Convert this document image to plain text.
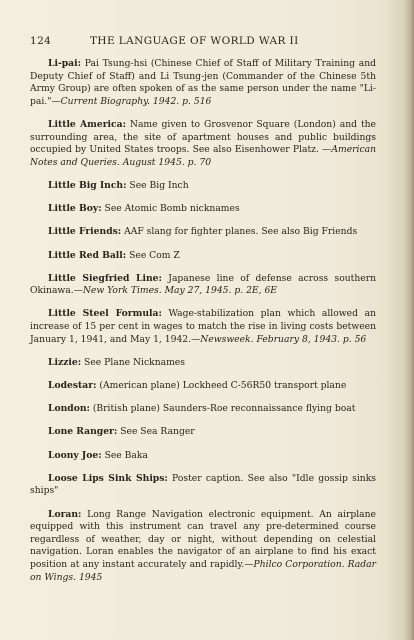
124	THE LANGUAGE OF WORLD WAR II

Li-pai: Pai Tsung-hsi (Chinese Chief of Staff of Military Training and Deputy Chief of Staff) and Li Tsung-jen (Commander of the Chinese 5th Army Group) are often spoken of as the same person under the name "Li-pai."—Current Biography. 1942. p. 516

Little America: Name given to Grosvenor Square (London) and the surrounding area, the site of apartment houses and public buildings occupied by United States troops. See also Eisenhower Platz. —American Notes and Queries. August 1945. p. 70

Little Big Inch: See Big Inch

Little Boy: See Atomic Bomb nicknames

Little Friends: AAF slang for fighter planes. See also Big Friends

Little Red Ball: See Com Z

Little Siegfried Line: Japanese line of defense across southern Okinawa.—New York Times. May 27, 1945. p. 2E, 6E

Little Steel Formula: Wage-stabilization plan which allowed an increase of 15 per cent in wages to match the rise in living costs between January 1, 1941, and May 1, 1942.—Newsweek. February 8, 1943. p. 56

Lizzie: See Plane Nicknames

Lodestar: (American plane) Lockheed C-56R50 transport plane

London: (British plane) Saunders-Roe reconnaissance flying boat

Lone Ranger: See Sea Ranger

Loony Joe: See Baka

Loose Lips Sink Ships: Poster caption. See also "Idle gossip sinks ships"

Loran: Long Range Navigation electronic equipment. An airplane equipped with this instrument can travel any pre-determined course regardless of weather, day or night, without depending on celestial navigation. Loran enables the navigator of an airplane to find his exact position at any instant accurately and rapidly.—Philco Corporation. Radar on Wings. 1945
